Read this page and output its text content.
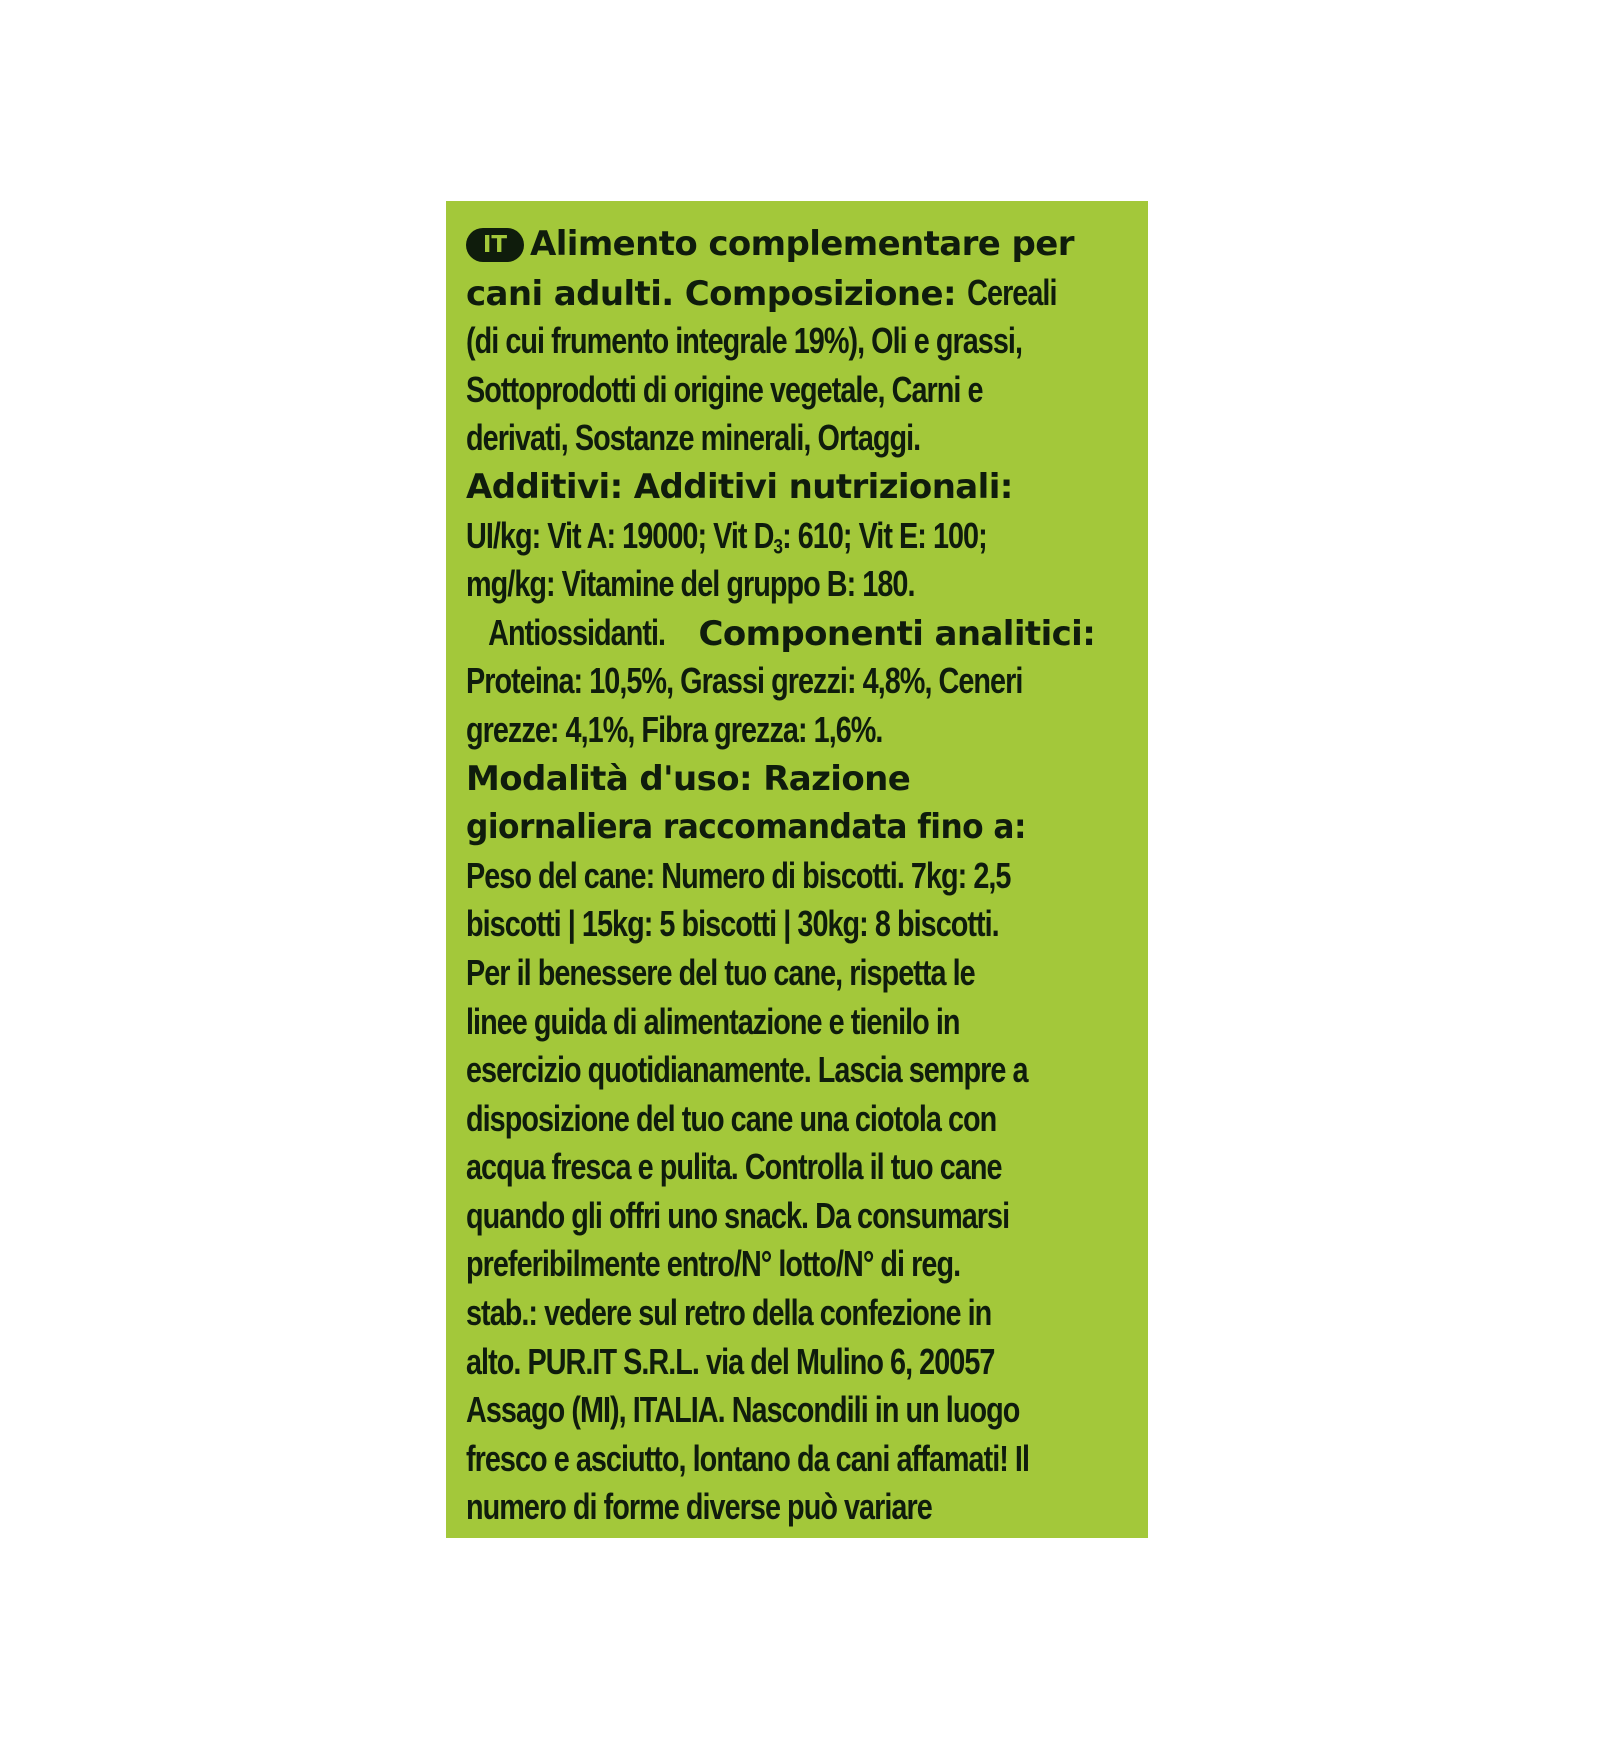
IT Alimento complementare per
cani adulti. Composizione: Cereali
(di cui frumento integrale 19%), Oli e grassi,
Sottoprodotti di origine vegetale, Carni e
derivati, Sostanze minerali, Ortaggi.
Additivi: Additivi nutrizionali:
UI/kg: Vit A: 19000; Vit $D_3$: 610; Vit E: 100;
mg/kg: Vitamine del gruppo B: 180.
Antiossidanti. Componenti analitici:
Proteina: 10,5%, Grassi grezzi: 4,8%, Ceneri
grezze: 4,1%, Fibra grezza: 1,6%.
Modalità d'uso: Razione
giornaliera raccomandata fino a:
Peso del cane: Numero di biscotti. 7kg: 2,5
biscotti | 15kg: 5 biscotti | 30kg: 8 biscotti.
Per il benessere del tuo cane, rispetta le
linee guida di alimentazione e tienilo in
esercizio quotidianamente. Lascia sempre a
disposizione del tuo cane una ciotola con
acqua fresca e pulita. Controlla il tuo cane
quando gli offri uno snack. Da consumarsi
preferibilmente entro/N° lotto/N° di reg.
stab.: vedere sul retro della confezione in
alto. PUR.IT S.R.L. via del Mulino 6, 20057
Assago (MI), ITALIA. Nascondili in un luogo
fresco e asciutto, lontano da cani affamati! Il
numero di forme diverse può variare
